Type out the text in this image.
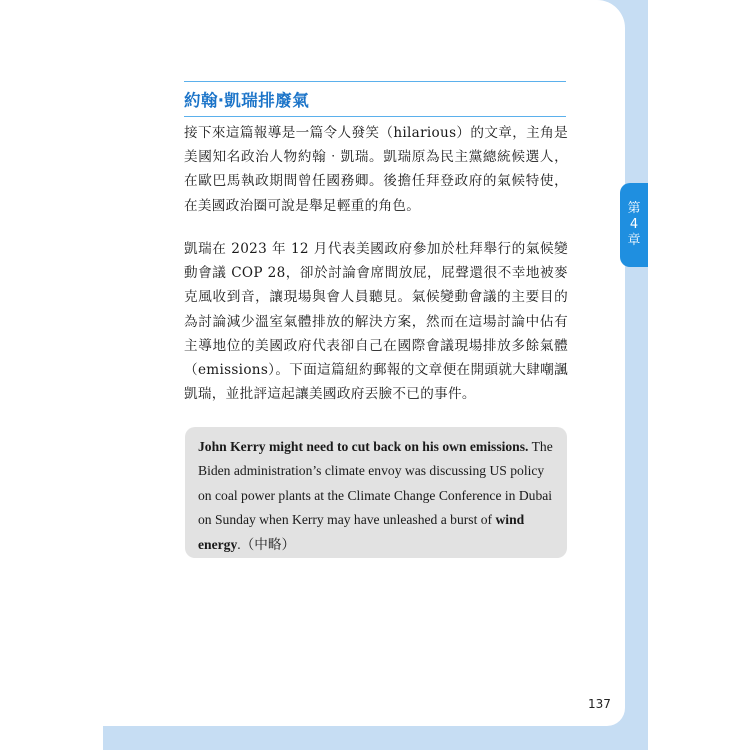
第
4
章
約翰‧凱瑞排廢氣

接下來這篇報導是一篇令人發笑（hilarious）的文章，主角是美國知名政治人物約翰‧凱瑞。凱瑞原為民主黨總統候選人，在歐巴馬執政期間曾任國務卿。後擔任拜登政府的氣候特使，在美國政治圈可說是舉足輕重的角色。

凱瑞在 2023 年 12 月代表美國政府參加於杜拜舉行的氣候變動會議 COP 28，卻於討論會席間放屁，屁聲還很不幸地被麥克風收到音，讓現場與會人員聽見。氣候變動會議的主要目的為討論減少溫室氣體排放的解決方案，然而在這場討論中佔有主導地位的美國政府代表卻自己在國際會議現場排放多餘氣體（emissions）。下面這篇紐約郵報的文章便在開頭就大肆嘲諷凱瑞，並批評這起讓美國政府丟臉不已的事件。

John Kerry might need to cut back on his own emissions. The Biden administration’s climate envoy was discussing US policy on coal power plants at the Climate Change Conference in Dubai on Sunday when Kerry may have unleashed a burst of wind energy.（中略）

137
